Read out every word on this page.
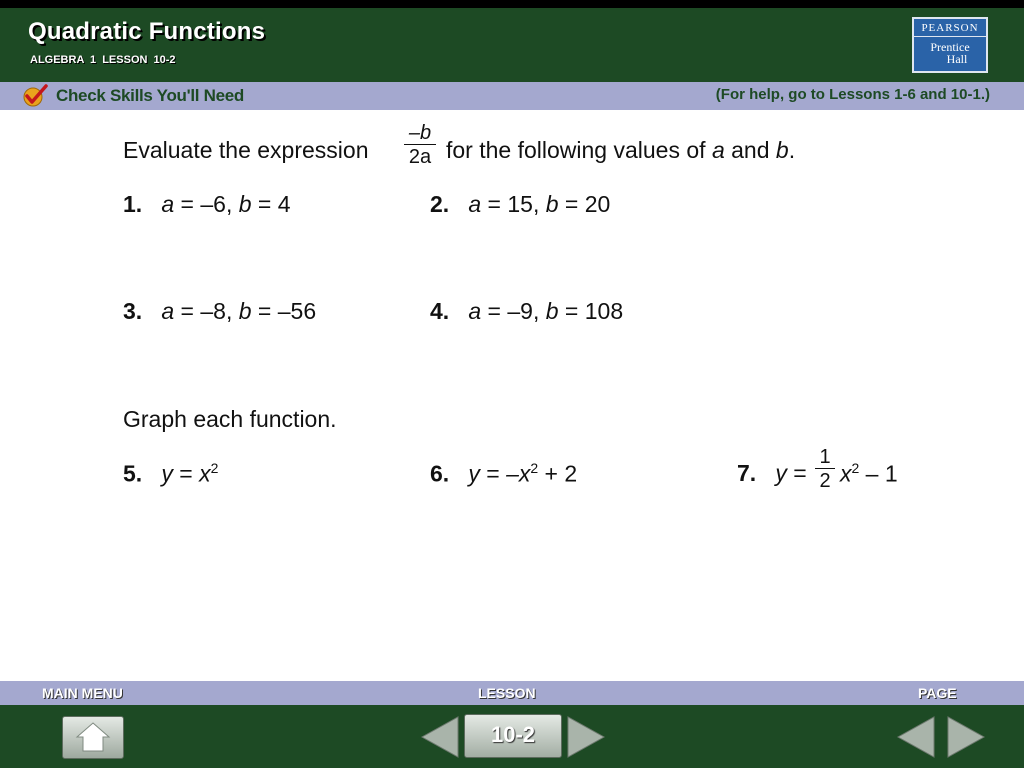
Quadratic Functions
ALGEBRA 1 LESSON 10-2
PEARSON
Prentice
Hall
Check Skills You'll Need	(For help, go to Lessons 1-6 and 10-1.)
Evaluate the expression $\frac{-b}{2a}$ for the following values of a and b.
1. a = –6, b = 4	2. a = 15, b = 20
3. a = –8, b = –56	4. a = –9, b = 108
Graph each function.
5. $y = x^2$	6. $y = -x^2 + 2$	7. $y = \frac{1}{2} x^2 - 1$
MAIN MENU	LESSON	PAGE
10-2
